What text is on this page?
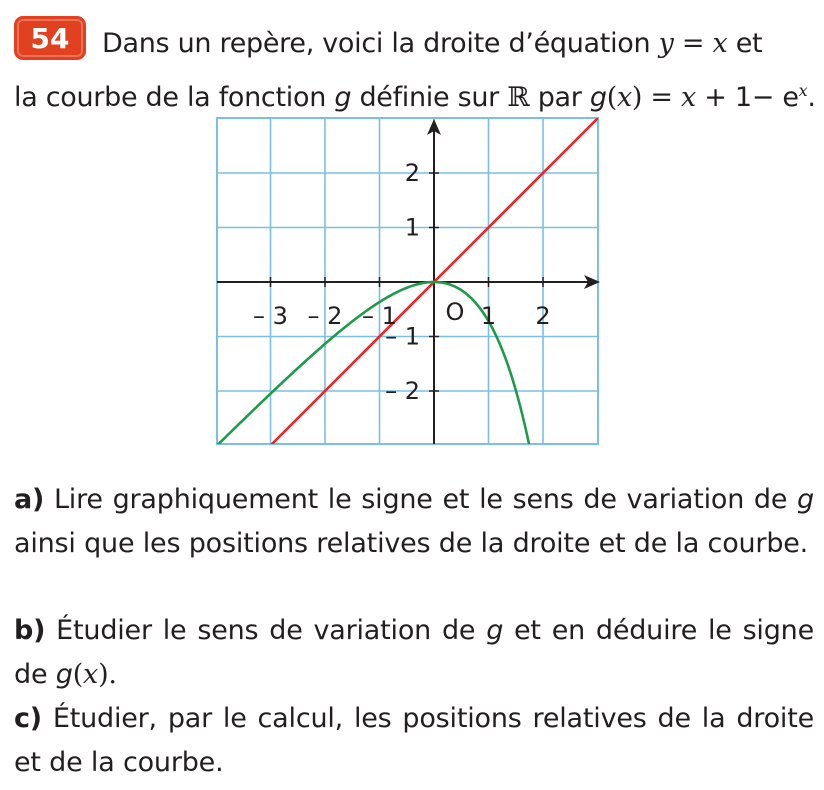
54	Dans un repère, voici la droite d’équation y = x et
la courbe de la fonction g définie sur ℝ par $g(x) = x + 1- e^x$.
– 3 – 2 – 1	1 2
2
1
– 1
– 2
O
a) Lire graphiquement le signe et le sens de variation de g ainsi que les positions relatives de la droite et de la courbe.
b) Étudier le sens de variation de g et en déduire le signe de g(x).
c) Étudier, par le calcul, les positions relatives de la droite et de la courbe.
